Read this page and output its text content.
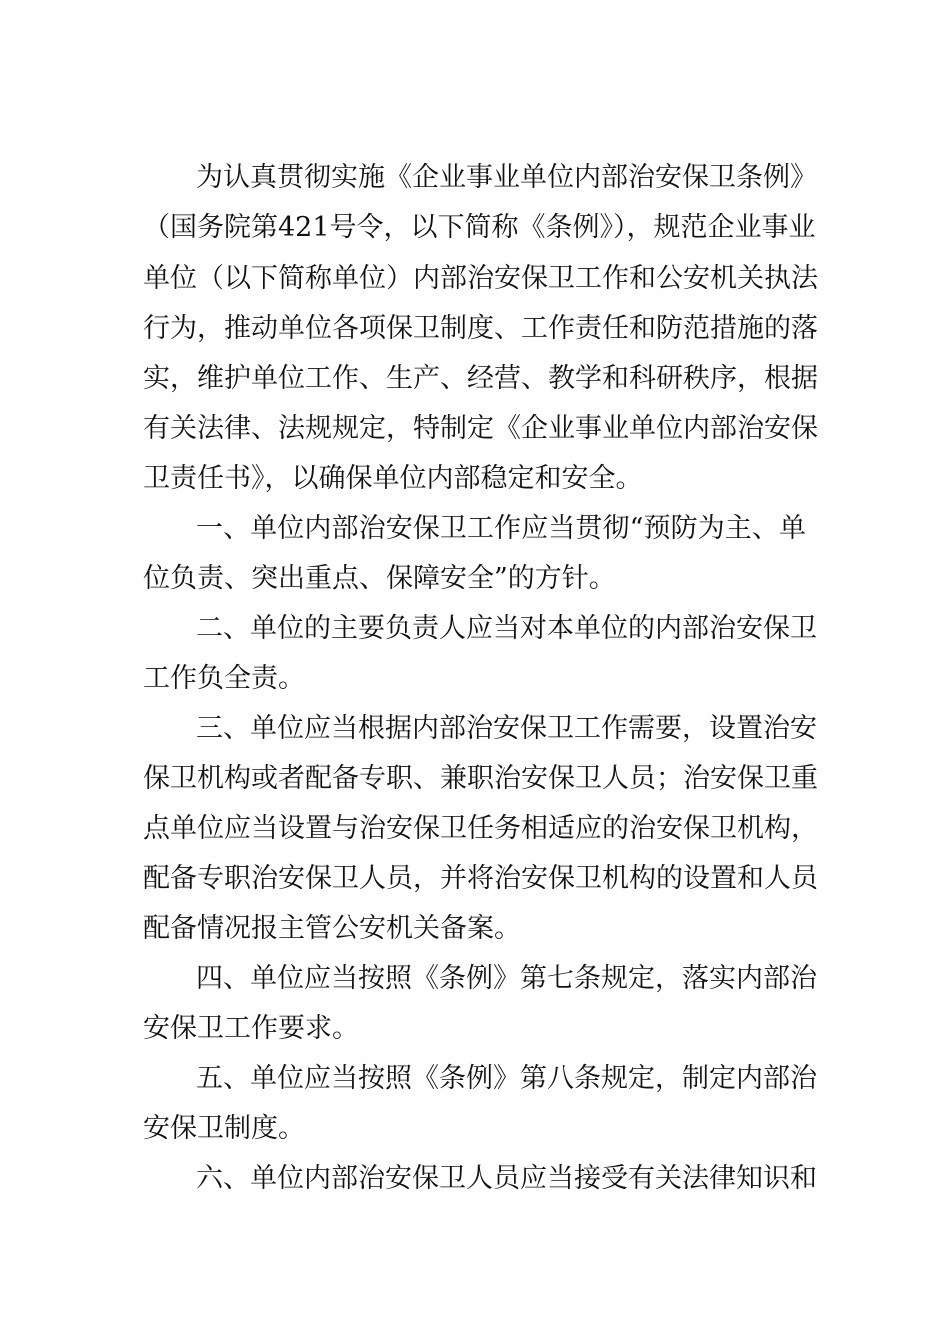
为认真贯彻实施《企业事业单位内部治安保卫条例》
（国务院第421号令，以下简称《条例》），规范企业事业
单位（以下简称单位）内部治安保卫工作和公安机关执法
行为，推动单位各项保卫制度、工作责任和防范措施的落
实，维护单位工作、生产、经营、教学和科研秩序，根据
有关法律、法规规定，特制定《企业事业单位内部治安保
卫责任书》，以确保单位内部稳定和安全。
一、单位内部治安保卫工作应当贯彻“预防为主、单
位负责、突出重点、保障安全”的方针。
二、单位的主要负责人应当对本单位的内部治安保卫
工作负全责。
三、单位应当根据内部治安保卫工作需要，设置治安
保卫机构或者配备专职、兼职治安保卫人员；治安保卫重
点单位应当设置与治安保卫任务相适应的治安保卫机构，
配备专职治安保卫人员，并将治安保卫机构的设置和人员
配备情况报主管公安机关备案。
四、单位应当按照《条例》第七条规定，落实内部治
安保卫工作要求。
五、单位应当按照《条例》第八条规定，制定内部治
安保卫制度。
六、单位内部治安保卫人员应当接受有关法律知识和
